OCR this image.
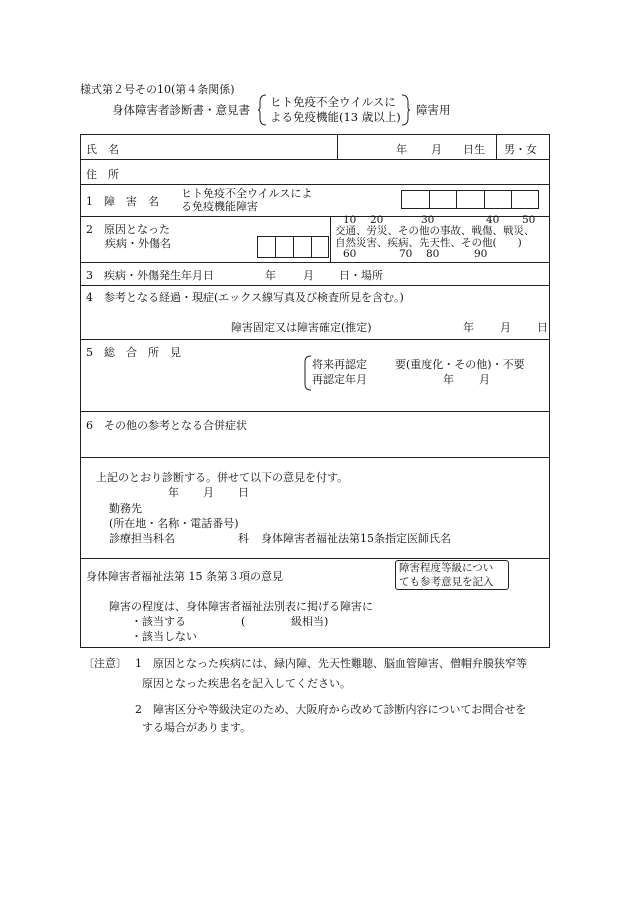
様式第２号その10(第４条関係)
身体障害者診断書・意見書
ヒト免疫不全ウイルスに
よる免疫機能(13 歳以上) 障害用
氏　名	年 月 日生 男・女
住　所
1　障　害　名
ヒト免疫不全ウイルスによ
る免疫機能障害
2　原因となった
疾病・外傷名
10 20	30	40 50
交通、労災、その他の事故、戦傷、戦災、
自然災害、疾病、先天性、その他(　　)
60	70 80	90
3　疾病・外傷発生年月日	年 月 日・場所
4　参考となる経過・現症(エックス線写真及び検査所見を含む。)
障害固定又は障害確定(推定)	年 月 日
5　総　合　所　見
将来再認定	要(重度化・その他)・不要
再認定年月	年 月
6　その他の参考となる合併症状
上記のとおり診断する。併せて以下の意見を付す。
年 月 日
勤務先
(所在地・名称・電話番号)
診療担当科名	科 身体障害者福祉法第15条指定医師氏名
身体障害者福祉法第 15 条第３項の意見
障害程度等級につい
ても参考意見を記入
障害の程度は、身体障害者福祉法別表に掲げる障害に
・該当する	(	級相当)
・該当しない
〔注意〕 1　原因となった疾病には、緑内障、先天性難聴、脳血管障害、僧帽弁膜狭窄等
原因となった疾患名を記入してください。
2　障害区分や等級決定のため、大阪府から改めて診断内容についてお問合せを
する場合があります。
